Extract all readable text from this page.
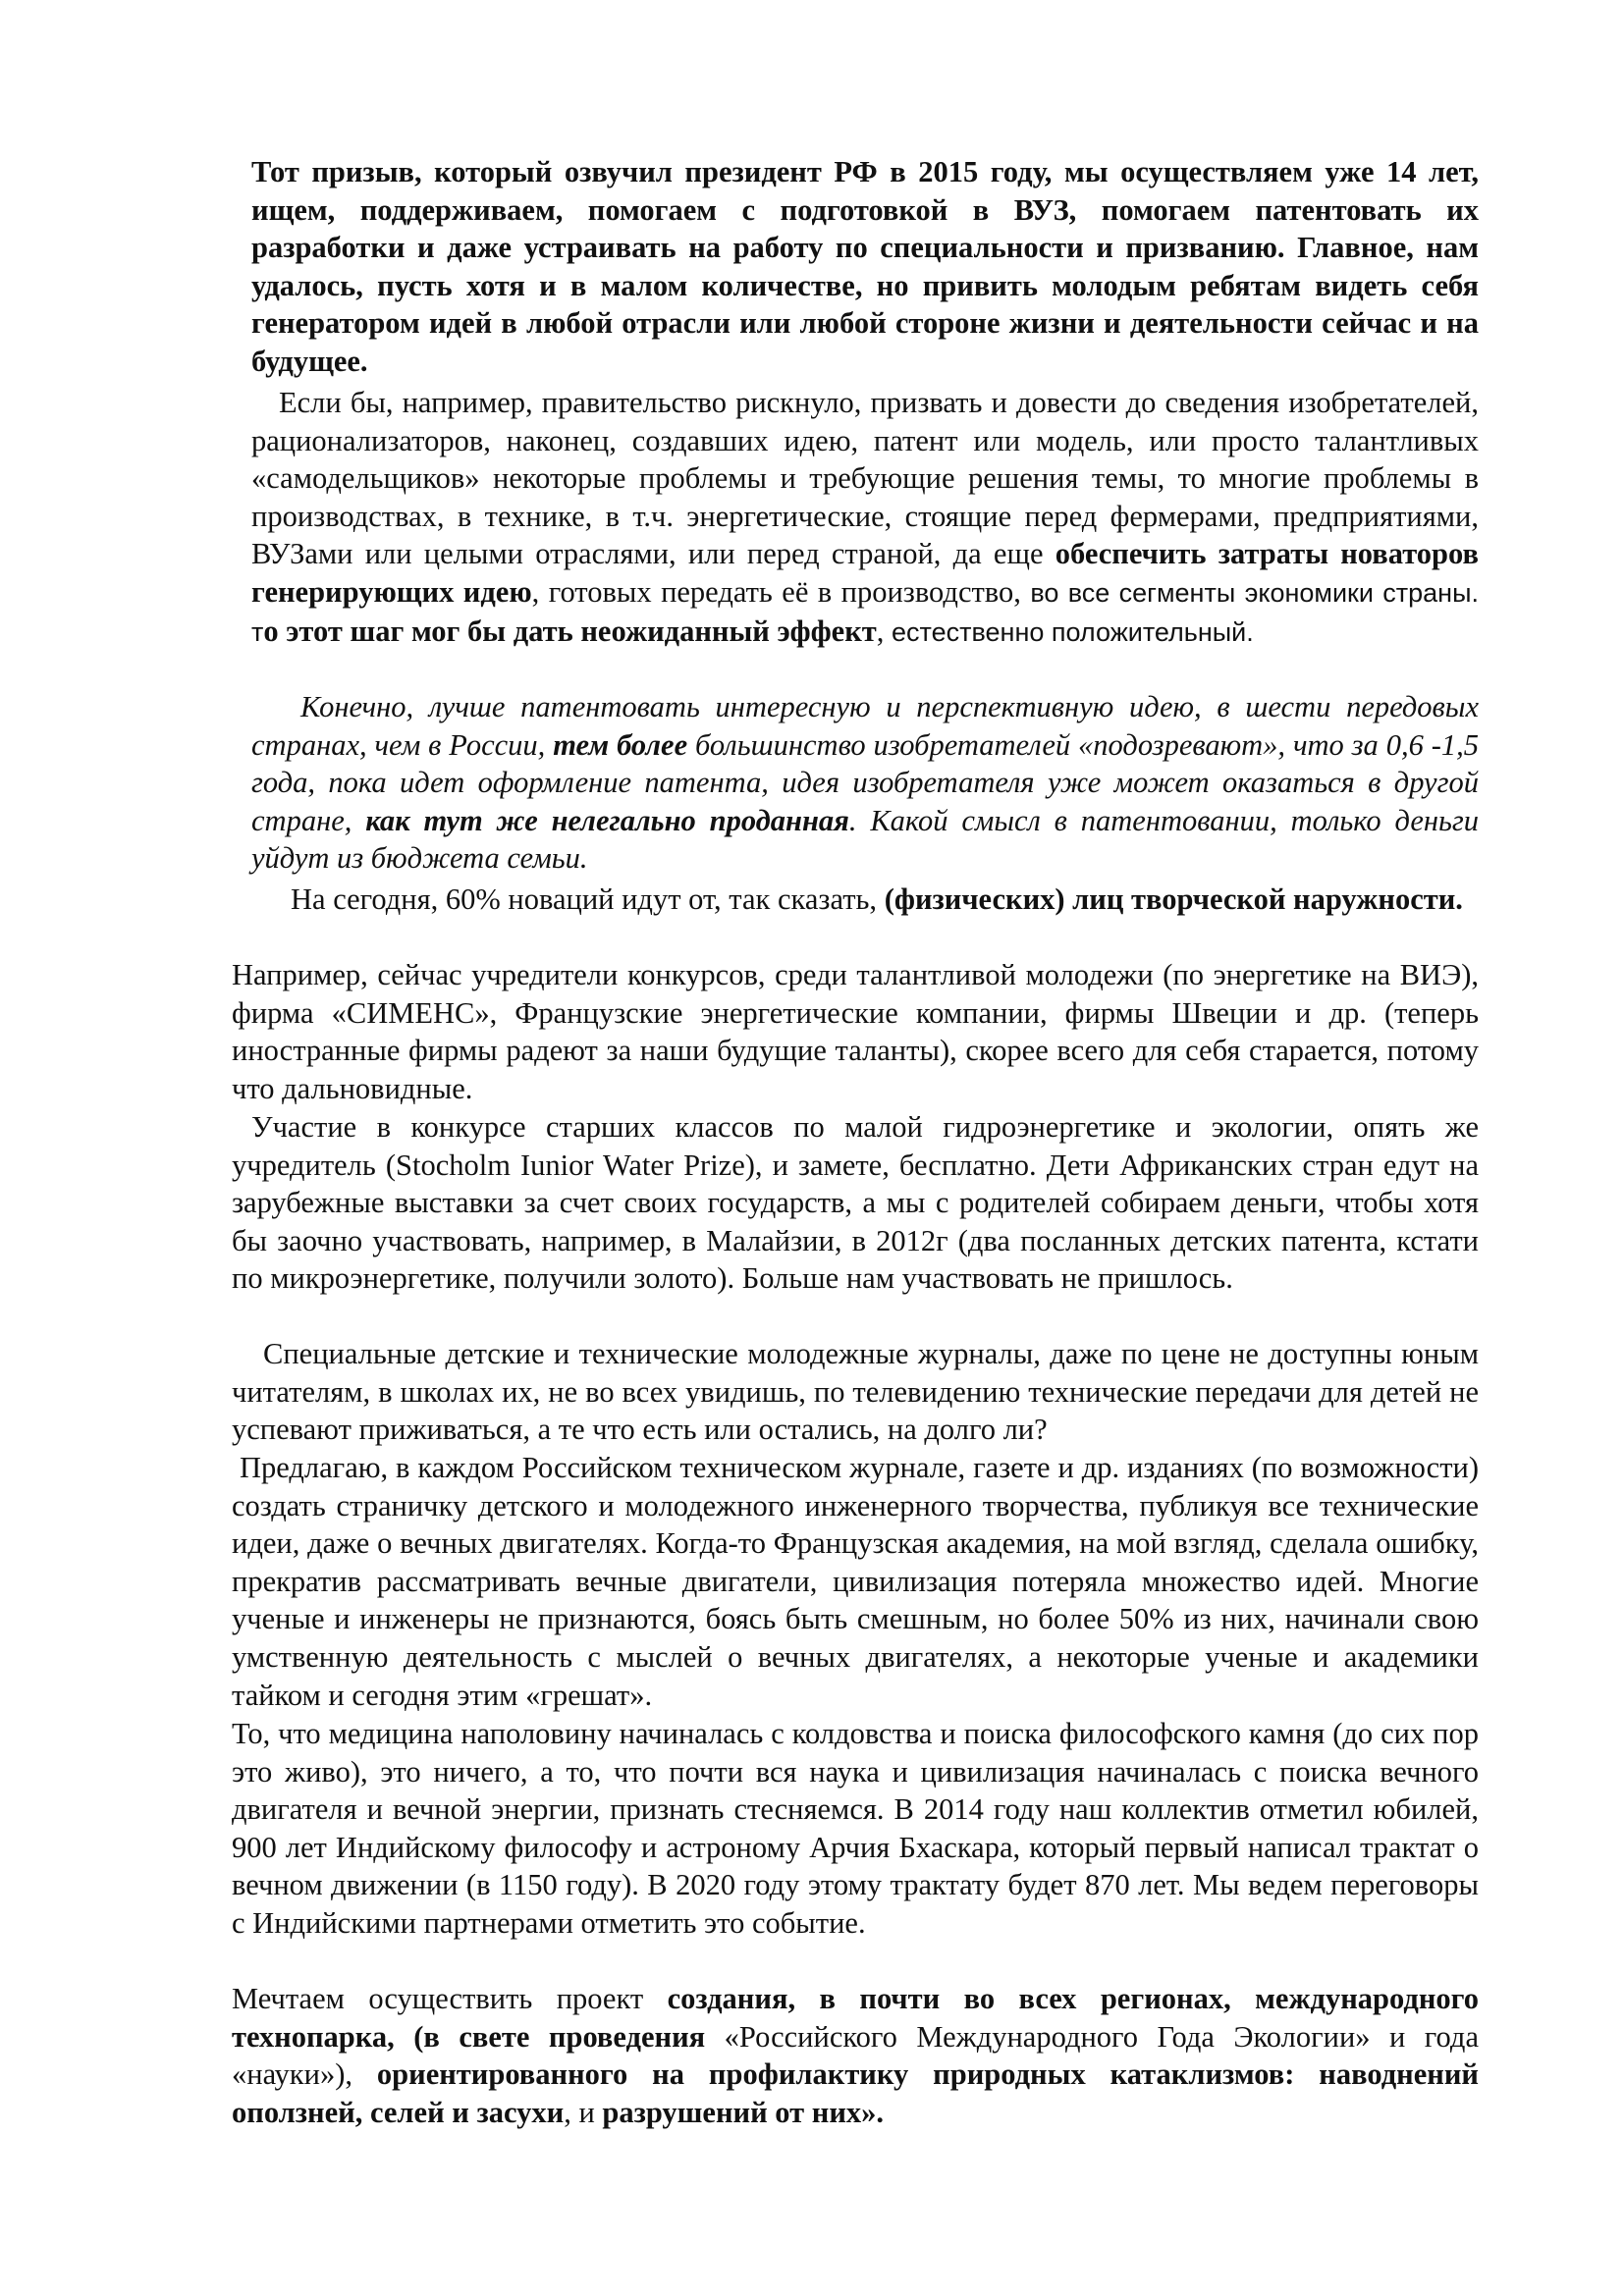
Тот призыв, который озвучил президент РФ в 2015 году, мы осуществляем уже 14 лет, ищем, поддерживаем, помогаем с подготовкой в ВУЗ, помогаем патентовать их разработки и даже устраивать на работу по специальности и призванию. Главное, нам удалось, пусть хотя и в малом количестве, но привить молодым ребятам видеть себя генератором идей в любой отрасли или любой стороне жизни и деятельности сейчас и на будущее.

Если бы, например, правительство рискнуло, призвать и довести до сведения изобретателей, рационализаторов, наконец, создавших идею, патент или модель, или просто талантливых «самодельщиков» некоторые проблемы и требующие решения темы, то многие проблемы в производствах, в технике, в т.ч. энергетические, стоящие перед фермерами, предприятиями, ВУЗами или целыми отраслями, или перед страной, да еще обеспечить затраты новаторов генерирующих идею, готовых передать её в производство, во все сегменты экономики страны. то этот шаг мог бы дать неожиданный эффект, естественно положительный.

Конечно, лучше патентовать интересную и перспективную идею, в шести передовых странах, чем в России, тем более большинство изобретателей «подозревают», что за 0,6 -1,5 года, пока идет оформление патента, идея изобретателя уже может оказаться в другой стране, как тут же нелегально проданная. Какой смысл в патентовании, только деньги уйдут из бюджета семьи.

На сегодня, 60% новаций идут от, так сказать, (физических) лиц творческой наружности.

Например, сейчас учредители конкурсов, среди талантливой молодежи (по энергетике на ВИЭ), фирма «СИМЕНС», Французские энергетические компании, фирмы Швеции и др. (теперь иностранные фирмы радеют за наши будущие таланты), скорее всего для себя старается, потому что дальновидные.

Участие в конкурсе старших классов по малой гидроэнергетике и экологии, опять же учредитель (Stocholm Iunior Water Prize), и замете, бесплатно. Дети Африканских стран едут на зарубежные выставки за счет своих государств, а мы с родителей собираем деньги, чтобы хотя бы заочно участвовать, например, в Малайзии, в 2012г (два посланных детских патента, кстати по микроэнергетике, получили золото). Больше нам участвовать не пришлось.

Специальные детские и технические молодежные журналы, даже по цене не доступны юным читателям, в школах их, не во всех увидишь, по телевидению технические передачи для детей не успевают приживаться, а те что есть или остались, на долго ли?

Предлагаю, в каждом Российском техническом журнале, газете и др. изданиях (по возможности) создать страничку детского и молодежного инженерного творчества, публикуя все технические идеи, даже о вечных двигателях. Когда-то Французская академия, на мой взгляд, сделала ошибку, прекратив рассматривать вечные двигатели, цивилизация потеряла множество идей. Многие ученые и инженеры не признаются, боясь быть смешным, но более 50% из них, начинали свою умственную деятельность с мыслей о вечных двигателях, а некоторые ученые и академики тайком и сегодня этим «грешат».

То, что медицина наполовину начиналась с колдовства и поиска философского камня (до сих пор это живо), это ничего, а то, что почти вся наука и цивилизация начиналась с поиска вечного двигателя и вечной энергии, признать стесняемся. В 2014 году наш коллектив отметил юбилей, 900 лет Индийскому философу и астроному Арчия Бхаскара, который первый написал трактат о вечном движении (в 1150 году). В 2020 году этому трактату будет 870 лет. Мы ведем переговоры с Индийскими партнерами отметить это событие.

Мечтаем осуществить проект создания, в почти во всех регионах, международного технопарка, (в свете проведения «Российского Международного Года Экологии» и года «науки»), ориентированного на профилактику природных катаклизмов: наводнений оползней, селей и засухи, и разрушений от них».
